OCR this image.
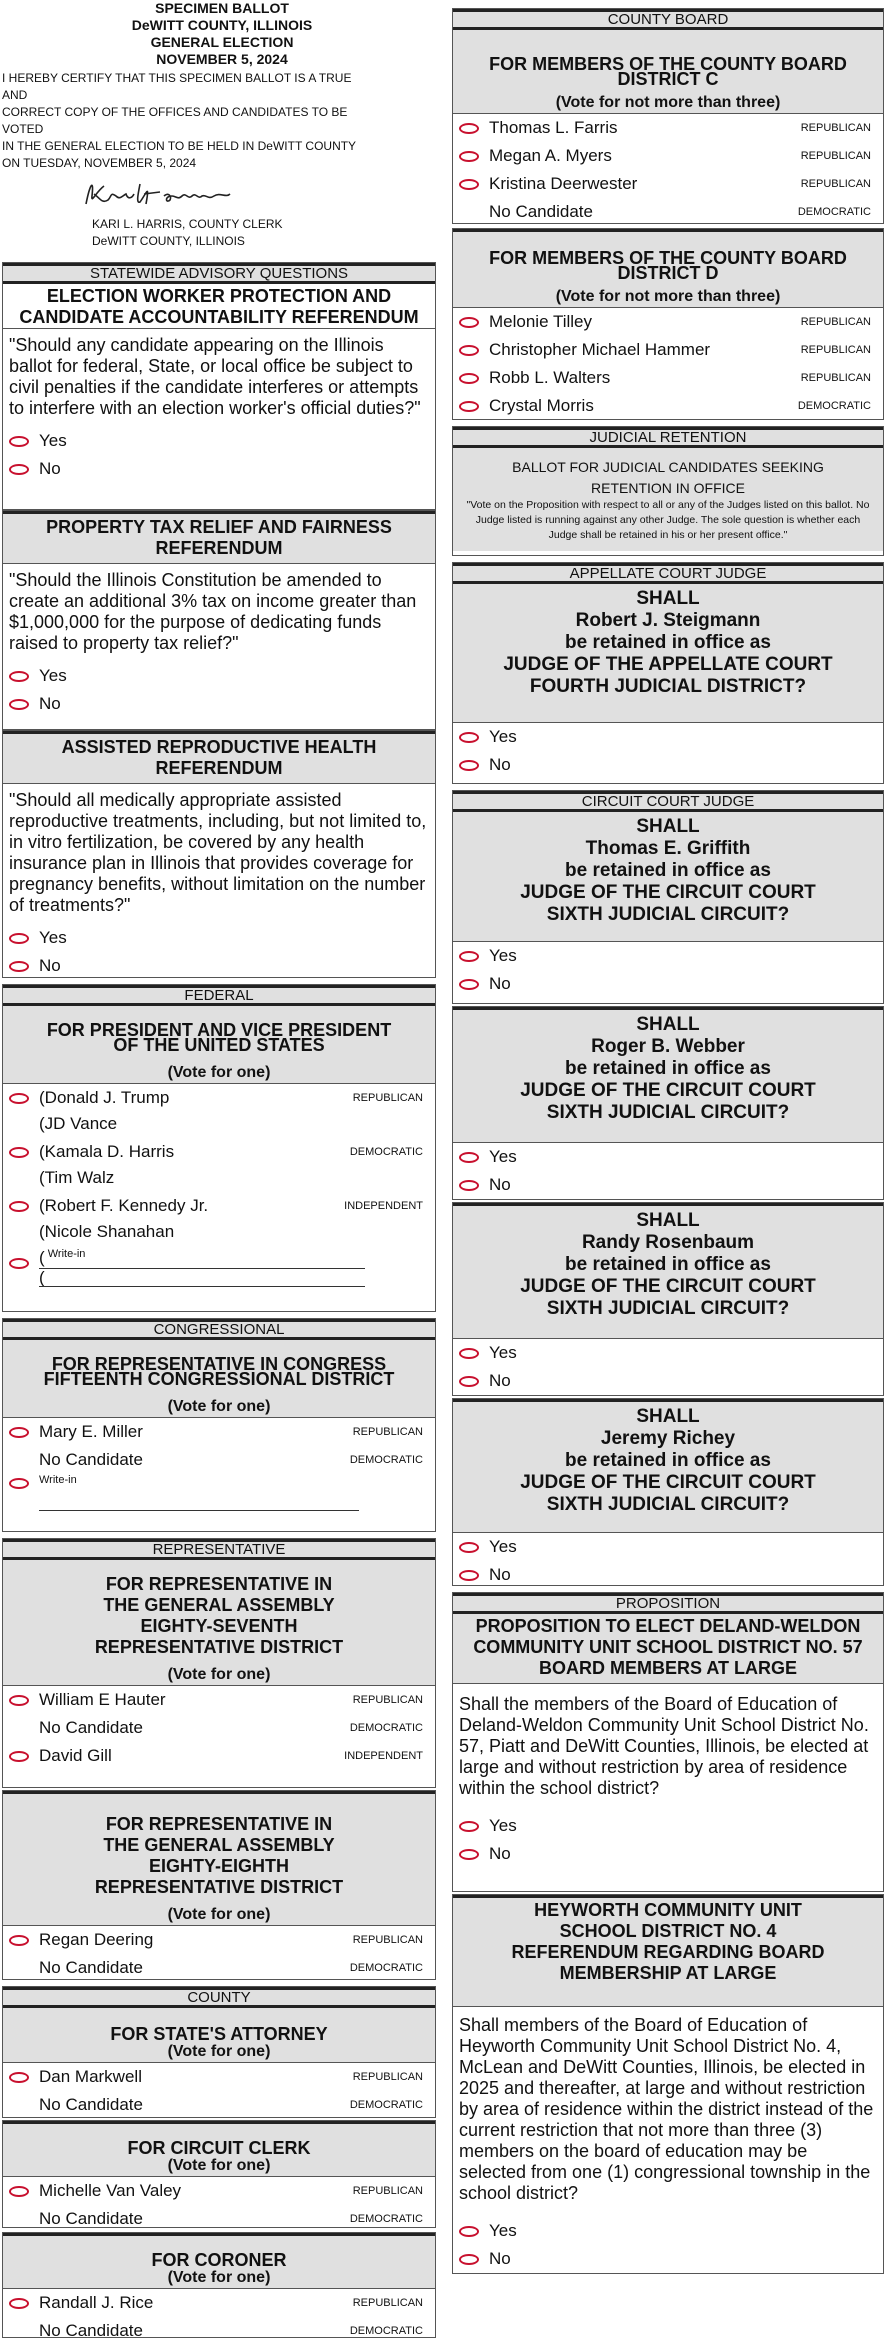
SPECIMEN BALLOT
DeWITT COUNTY, ILLINOIS
GENERAL ELECTION
NOVEMBER 5, 2024
I HEREBY CERTIFY THAT THIS SPECIMEN BALLOT IS A TRUE AND
CORRECT COPY OF THE OFFICES AND CANDIDATES TO BE VOTED
IN THE GENERAL ELECTION TO BE HELD IN DeWITT COUNTY
ON TUESDAY, NOVEMBER 5, 2024
KARI L. HARRIS, COUNTY CLERK
DeWITT COUNTY, ILLINOIS
STATEWIDE ADVISORY QUESTIONS
ELECTION WORKER PROTECTION AND
CANDIDATE ACCOUNTABILITY REFERENDUM
"Should any candidate appearing on the Illinois ballot for federal, State, or local office be subject to civil penalties if the candidate interferes or attempts to interfere with an election worker's official duties?"
Yes
No
PROPERTY TAX RELIEF AND FAIRNESS
REFERENDUM
"Should the Illinois Constitution be amended to create an additional 3% tax on income greater than $1,000,000 for the purpose of dedicating funds raised to property tax relief?"
Yes
No
ASSISTED REPRODUCTIVE HEALTH
REFERENDUM
"Should all medically appropriate assisted reproductive treatments, including, but not limited to, in vitro fertilization, be covered by any health insurance plan in Illinois that provides coverage for pregnancy benefits, without limitation on the number of treatments?"
Yes
No
FEDERAL
FOR PRESIDENT AND VICE PRESIDENT
OF THE UNITED STATES
(Vote for one)
(Donald J. Trump	REPUBLICAN
(JD Vance
(Kamala D. Harris	DEMOCRATIC
(Tim Walz
(Robert F. Kennedy Jr.	INDEPENDENT
(Nicole Shanahan
( Write-in
(
CONGRESSIONAL
FOR REPRESENTATIVE IN CONGRESS
FIFTEENTH CONGRESSIONAL DISTRICT
(Vote for one)
Mary E. Miller	REPUBLICAN
No Candidate	DEMOCRATIC
Write-in
REPRESENTATIVE
FOR REPRESENTATIVE IN
THE GENERAL ASSEMBLY
EIGHTY-SEVENTH
REPRESENTATIVE DISTRICT
(Vote for one)
William E Hauter	REPUBLICAN
No Candidate	DEMOCRATIC
David Gill	INDEPENDENT
FOR REPRESENTATIVE IN
THE GENERAL ASSEMBLY
EIGHTY-EIGHTH
REPRESENTATIVE DISTRICT
(Vote for one)
Regan Deering	REPUBLICAN
No Candidate	DEMOCRATIC
COUNTY
FOR STATE'S ATTORNEY
(Vote for one)
Dan Markwell	REPUBLICAN
No Candidate	DEMOCRATIC
FOR CIRCUIT CLERK
(Vote for one)
Michelle Van Valey	REPUBLICAN
No Candidate	DEMOCRATIC
FOR CORONER
(Vote for one)
Randall J. Rice	REPUBLICAN
No Candidate	DEMOCRATIC
COUNTY BOARD
FOR MEMBERS OF THE COUNTY BOARD
DISTRICT C
(Vote for not more than three)
Thomas L. Farris	REPUBLICAN
Megan A. Myers	REPUBLICAN
Kristina Deerwester	REPUBLICAN
No Candidate	DEMOCRATIC
FOR MEMBERS OF THE COUNTY BOARD
DISTRICT D
(Vote for not more than three)
Melonie Tilley	REPUBLICAN
Christopher Michael Hammer	REPUBLICAN
Robb L. Walters	REPUBLICAN
Crystal Morris	DEMOCRATIC
JUDICIAL RETENTION
BALLOT FOR JUDICIAL CANDIDATES SEEKING
RETENTION IN OFFICE
"Vote on the Proposition with respect to all or any of the Judges listed on this ballot. No Judge listed is running against any other Judge. The sole question is whether each Judge shall be retained in his or her present office."
APPELLATE COURT JUDGE
SHALL
Robert J. Steigmann
be retained in office as
JUDGE OF THE APPELLATE COURT
FOURTH JUDICIAL DISTRICT?
Yes
No
CIRCUIT COURT JUDGE
SHALL
Thomas E. Griffith
be retained in office as
JUDGE OF THE CIRCUIT COURT
SIXTH JUDICIAL CIRCUIT?
Yes
No
SHALL
Roger B. Webber
be retained in office as
JUDGE OF THE CIRCUIT COURT
SIXTH JUDICIAL CIRCUIT?
Yes
No
SHALL
Randy Rosenbaum
be retained in office as
JUDGE OF THE CIRCUIT COURT
SIXTH JUDICIAL CIRCUIT?
Yes
No
SHALL
Jeremy Richey
be retained in office as
JUDGE OF THE CIRCUIT COURT
SIXTH JUDICIAL CIRCUIT?
Yes
No
PROPOSITION
PROPOSITION TO ELECT DELAND-WELDON
COMMUNITY UNIT SCHOOL DISTRICT NO. 57
BOARD MEMBERS AT LARGE
Shall the members of the Board of Education of Deland-Weldon Community Unit School District No. 57, Piatt and DeWitt Counties, Illinois, be elected at large and without restriction by area of residence within the school district?
Yes
No
HEYWORTH COMMUNITY UNIT
SCHOOL DISTRICT NO. 4
REFERENDUM REGARDING BOARD
MEMBERSHIP AT LARGE
Shall members of the Board of Education of Heyworth Community Unit School District No. 4, McLean and DeWitt Counties, Illinois, be elected in 2025 and thereafter, at large and without restriction by area of residence within the district instead of the current restriction that not more than three (3) members on the board of education may be selected from one (1) congressional township in the school district?
Yes
No
